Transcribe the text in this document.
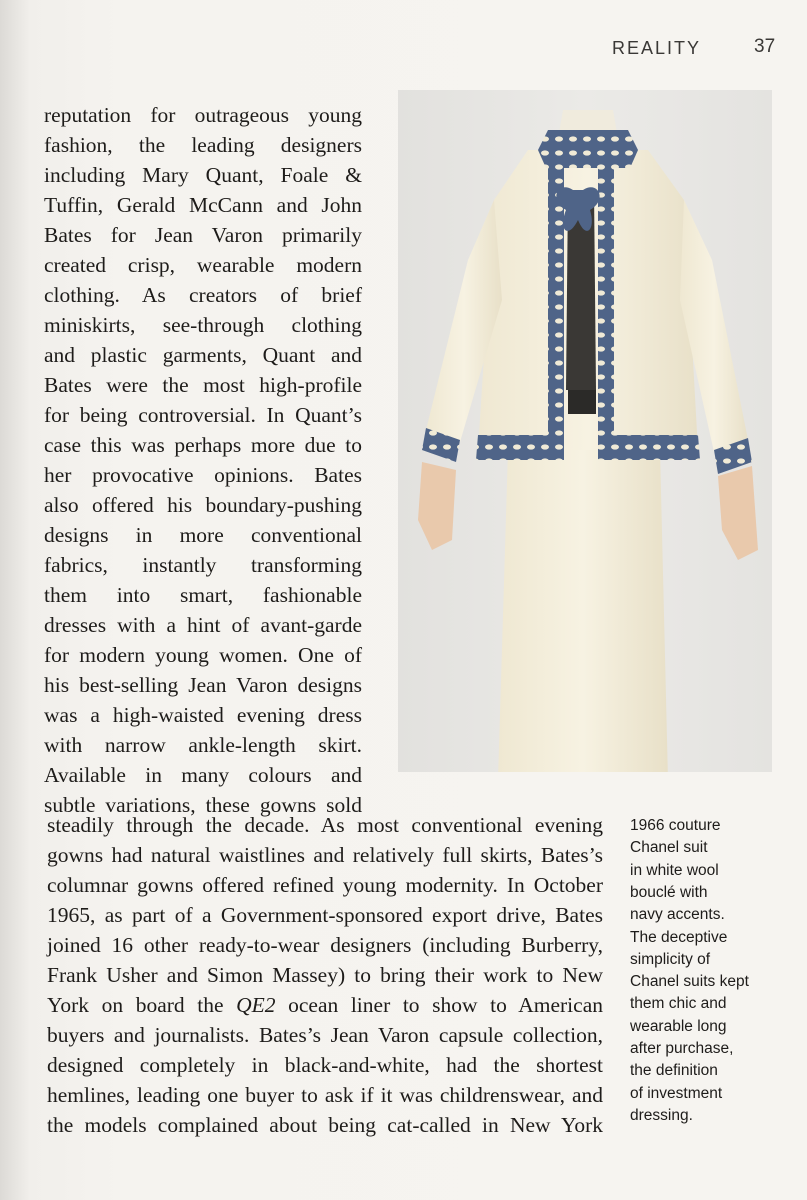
REALITY	37
reputation for outrageous young
fashion, the leading designers
including Mary Quant, Foale &
Tuffin, Gerald McCann and John
Bates for Jean Varon primarily
created crisp, wearable modern
clothing. As creators of brief
miniskirts, see-through clothing
and plastic garments, Quant and
Bates were the most high-profile
for being controversial. In Quant’s
case this was perhaps more due to
her provocative opinions. Bates
also offered his boundary-pushing
designs in more conventional
fabrics, instantly transforming
them into smart, fashionable
dresses with a hint of avant-garde
for modern young women. One of
his best-selling Jean Varon designs
was a high-waisted evening dress
with narrow ankle-length skirt.
Available in many colours and
subtle variations, these gowns sold
steadily through the decade. As most conventional evening
gowns had natural waistlines and relatively full skirts, Bates’s
columnar gowns offered refined young modernity. In October
1965, as part of a Government-sponsored export drive, Bates
joined 16 other ready-to-wear designers (including Burberry,
Frank Usher and Simon Massey) to bring their work to New
York on board the QE2 ocean liner to show to American
buyers and journalists. Bates’s Jean Varon capsule collection,
designed completely in black-and-white, had the shortest
hemlines, leading one buyer to ask if it was childrenswear, and
the models complained about being cat-called in New York
1966 couture
Chanel suit
in white wool
bouclé with
navy accents.
The deceptive
simplicity of
Chanel suits kept
them chic and
wearable long
after purchase,
the definition
of investment
dressing.
